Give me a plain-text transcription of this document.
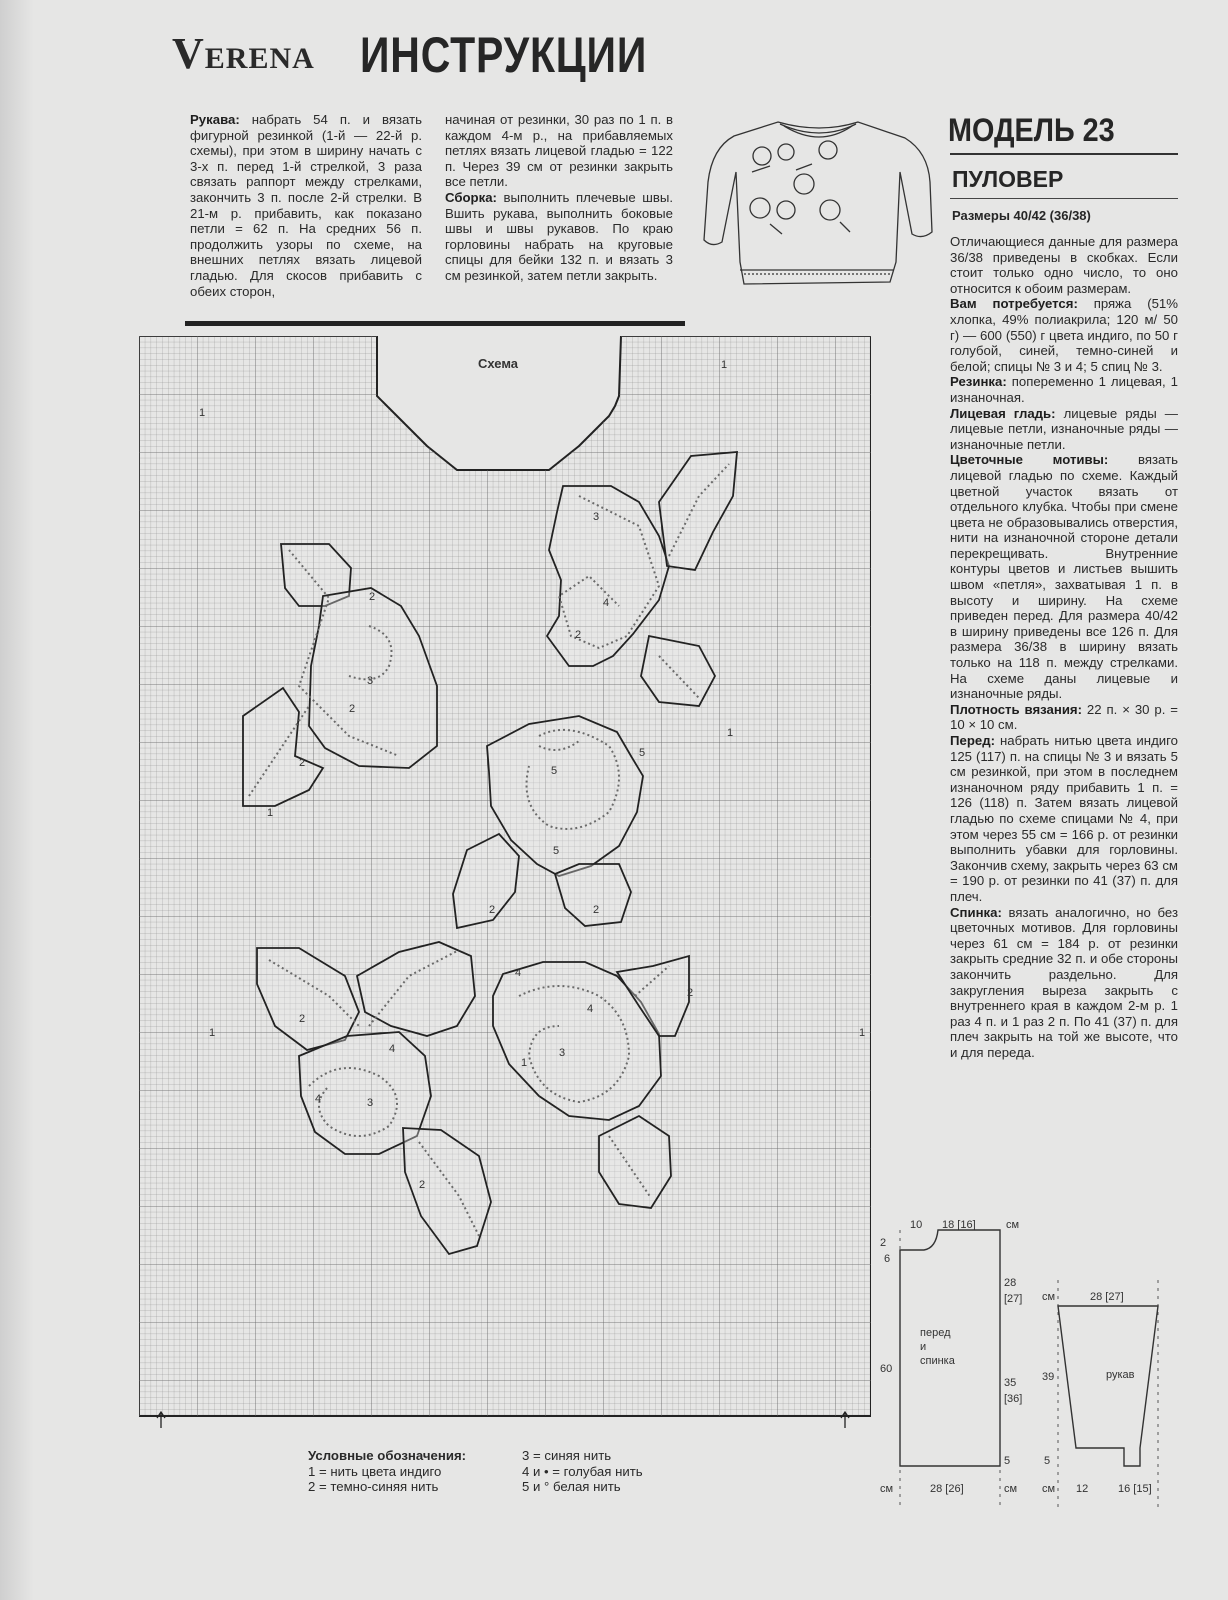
VERENA ИНСТРУКЦИИ
Рукава: набрать 54 п. и вязать фигурной резинкой (1-й — 22-й р. схемы), при этом в ширину начать с 3-х п. перед 1-й стрелкой, 3 раза связать раппорт между стрелками, закончить 3 п. после 2-й стрелки. В 21-м р. прибавить, как показано петли = 62 п. На средних 56 п. продолжить узоры по схеме, на внешних петлях вязать лицевой гладью. Для скосов прибавить с обеих сторон,
начиная от резинки, 30 раз по 1 п. в каждом 4-м р., на прибавляемых петлях вязать лицевой гладью = 122 п. Через 39 см от резинки закрыть все петли.
Сборка: выполнить плечевые швы. Вшить рукава, выполнить боковые швы и швы рукавов. По краю горловины набрать на круговые спицы для бейки 132 п. и вязать 3 см резинкой, затем петли закрыть.
МОДЕЛЬ 23
ПУЛОВЕР
Размеры 40/42 (36/38)
Отличающиеся данные для размера 36/38 приведены в скобках. Если стоит только одно число, то оно относится к обоим размерам.
Вам потребуется: пряжа (51% хлопка, 49% полиакрила; 120 м/ 50 г) — 600 (550) г цвета индиго, по 50 г голубой, синей, темно-синей и белой; спицы № 3 и 4; 5 спиц № 3.
Резинка: попеременно 1 лицевая, 1 изнаночная.
Лицевая гладь: лицевые ряды — лицевые петли, изнаночные ряды — изнаночные петли.
Цветочные мотивы: вязать лицевой гладью по схеме. Каждый цветной участок вязать от отдельного клубка. Чтобы при смене цвета не образовывались отверстия, нити на изнаночной стороне детали перекрещивать. Внутренние контуры цветов и листьев вышить швом «петля», захватывая 1 п. в высоту и ширину. На схеме приведен перед. Для размера 40/42 в ширину приведены все 126 п. Для размера 36/38 в ширину вязать только на 118 п. между стрелками. На схеме даны лицевые и изнаночные ряды.
Плотность вязания: 22 п. × 30 р. = 10 × 10 см.
Перед: набрать нитью цвета индиго 125 (117) п. на спицы № 3 и вязать 5 см резинкой, при этом в последнем изнаночном ряду прибавить 1 п. = 126 (118) п. Затем вязать лицевой гладью по схеме спицами № 4, при этом через 55 см = 166 р. от резинки выполнить убавки для горловины. Закончив схему, закрыть через 63 см = 190 р. от резинки по 41 (37) п. для плеч.
Спинка: вязать аналогично, но без цветочных мотивов. Для горловины через 61 см = 184 р. от резинки закрыть средние 32 п. и обе стороны закончить раздельно. Для закругления выреза закрыть с внутреннего края в каждом 2-м р. 1 раз 4 п. и 1 раз 2 п. По 41 (37) п. для плеч закрыть на той же высоте, что и для переда.
1
1
1
1
1
1
1
2
2
2
2	2
2
2
2
2
3
3
3
3
4
4
4
4
4
5
5
5
Схема
Условные обозначения:
1 = нить цвета индиго
2 = темно-синяя нить
3 = синяя нить
4 и • = голубая нить
5 и ° белая нить
10 18 [16]	см
2
6
28
[27]
60
35
[36]
5
см	28 [26]	см
см	28 [27]
39
5
см 12	16 [15]
перед
и
спинка
рукав
